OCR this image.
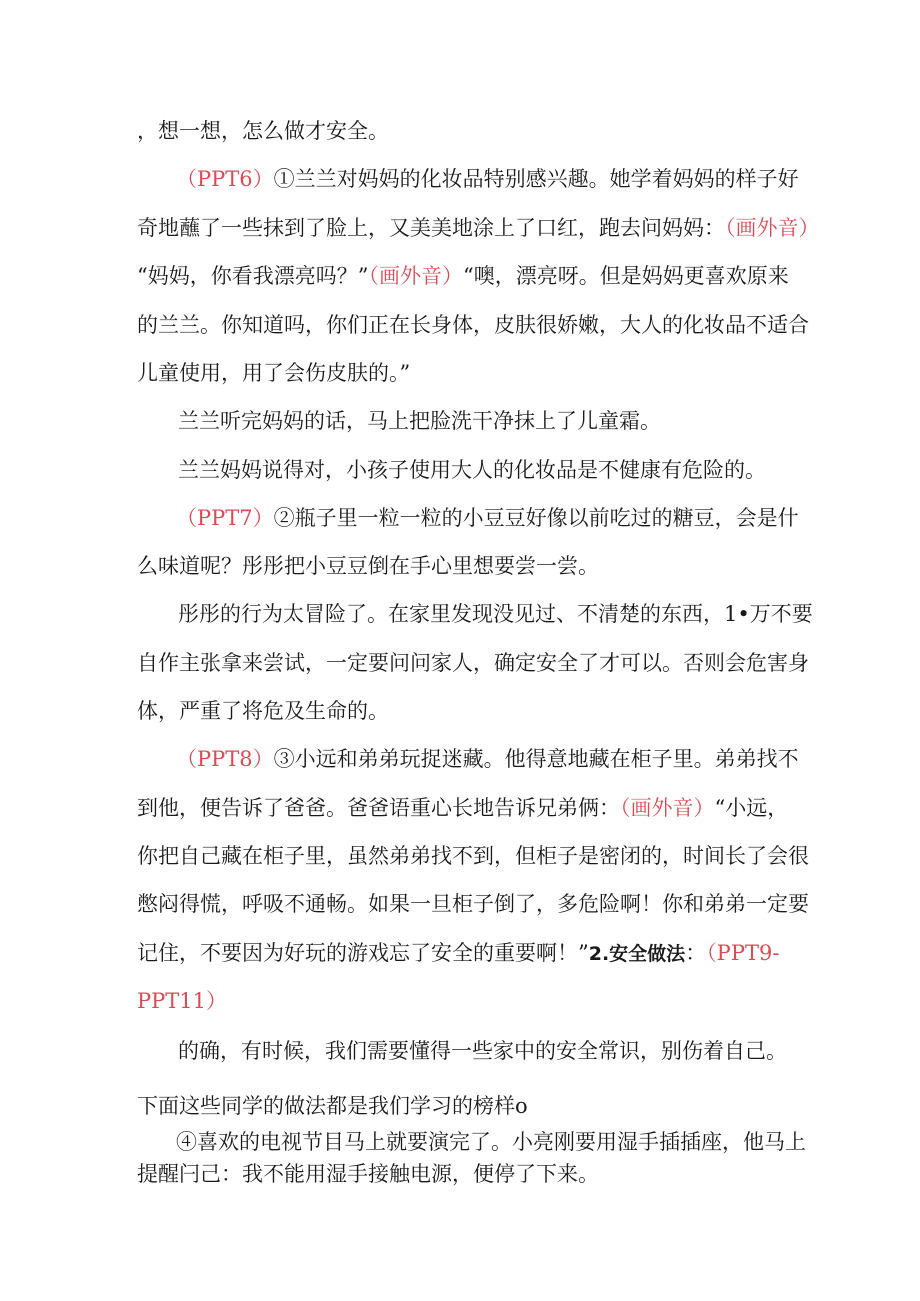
，想一想，怎么做才安全。
（PPT6）①兰兰对妈妈的化妆品特别感兴趣。她学着妈妈的样子好
奇地蘸了一些抹到了脸上，又美美地涂上了口红，跑去问妈妈：（画外音）
“妈妈，你看我漂亮吗？”（画外音）“噢，漂亮呀。但是妈妈更喜欢原来
的兰兰。你知道吗，你们正在长身体，皮肤很娇嫩，大人的化妆品不适合
儿童使用，用了会伤皮肤的。”
兰兰听完妈妈的话，马上把脸洗干净抹上了儿童霜。
兰兰妈妈说得对，小孩子使用大人的化妆品是不健康有危险的。
（PPT7）②瓶子里一粒一粒的小豆豆好像以前吃过的糖豆，会是什
么味道呢？彤彤把小豆豆倒在手心里想要尝一尝。
彤彤的行为太冒险了。在家里发现没见过、不清楚的东西，1•万不要
自作主张拿来尝试，一定要问问家人，确定安全了才可以。否则会危害身
体，严重了将危及生命的。
（PPT8）③小远和弟弟玩捉迷藏。他得意地藏在柜子里。弟弟找不
到他，便告诉了爸爸。爸爸语重心长地告诉兄弟俩：（画外音）“小远，
你把自己藏在柜子里，虽然弟弟找不到，但柜子是密闭的，时间长了会很
憋闷得慌，呼吸不通畅。如果一旦柜子倒了，多危险啊！你和弟弟一定要
记住，不要因为好玩的游戏忘了安全的重要啊！”2.安全做法：（PPT9-
PPT11）
的确，有时候，我们需要懂得一些家中的安全常识，别伤着自己。
下面这些同学的做法都是我们学习的榜样o
④喜欢的电视节目马上就要演完了。小亮刚要用湿手插插座，他马上
提醒闩己：我不能用湿手接触电源，便停了下来。
